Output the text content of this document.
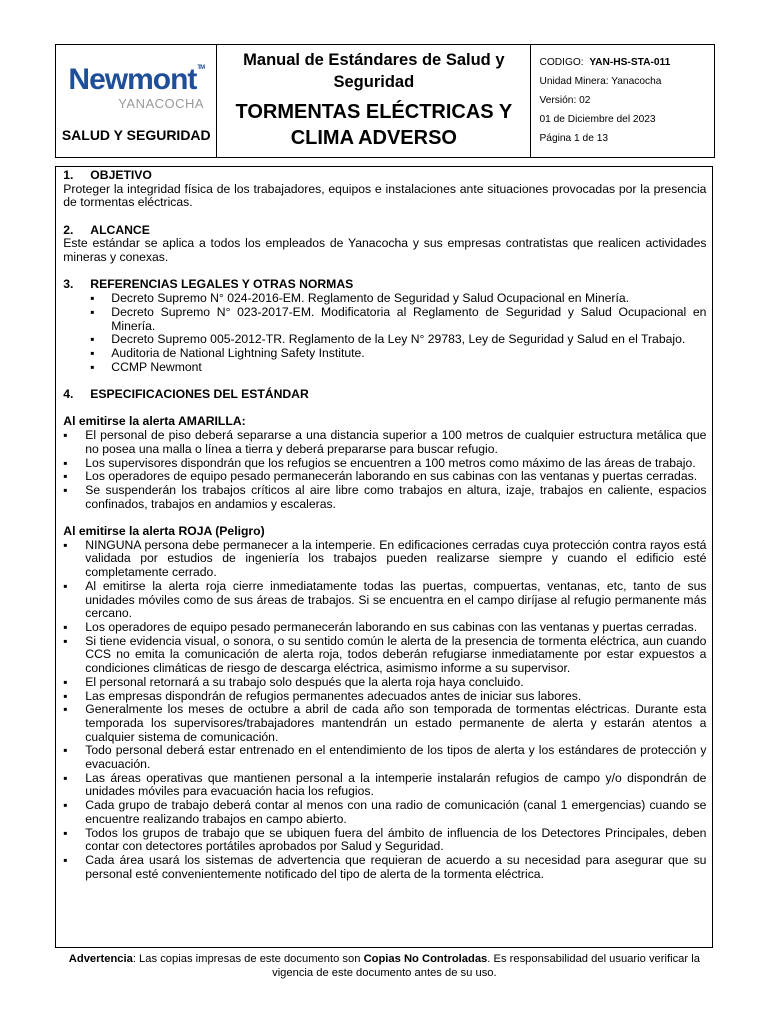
Newmont TM
YANACOCHA
SALUD Y SEGURIDAD
Manual de Estándares de Salud y Seguridad
TORMENTAS ELÉCTRICAS Y CLIMA ADVERSO
CODIGO: YAN-HS-STA-011
Unidad Minera: Yanacocha
Versión: 02
01 de Diciembre del 2023
Página 1 de 13
1.	OBJETIVO
Proteger la integridad física de los trabajadores, equipos e instalaciones ante situaciones provocadas por la presencia de tormentas eléctricas.
2.	ALCANCE
Este estándar se aplica a todos los empleados de Yanacocha y sus empresas contratistas que realicen actividades mineras y conexas.
3.	REFERENCIAS LEGALES Y OTRAS NORMAS
▪ Decreto Supremo N° 024-2016-EM. Reglamento de Seguridad y Salud Ocupacional en Minería.
▪ Decreto Supremo N° 023-2017-EM. Modificatoria al Reglamento de Seguridad y Salud Ocupacional en Minería.
▪ Decreto Supremo 005-2012-TR. Reglamento de la Ley N° 29783, Ley de Seguridad y Salud en el Trabajo.
▪ Auditoria de National Lightning Safety Institute.
▪ CCMP Newmont
4.	ESPECIFICACIONES DEL ESTÁNDAR
Al emitirse la alerta AMARILLA:
▪ El personal de piso deberá separarse a una distancia superior a 100 metros de cualquier estructura metálica que no posea una malla o línea a tierra y deberá prepararse para buscar refugio.
▪ Los supervisores dispondrán que los refugios se encuentren a 100 metros como máximo de las áreas de trabajo.
▪ Los operadores de equipo pesado permanecerán laborando en sus cabinas con las ventanas y puertas cerradas.
▪ Se suspenderán los trabajos críticos al aire libre como trabajos en altura, izaje, trabajos en caliente, espacios confinados, trabajos en andamios y escaleras.
Al emitirse la alerta ROJA (Peligro)
▪ NINGUNA persona debe permanecer a la intemperie. En edificaciones cerradas cuya protección contra rayos está validada por estudios de ingeniería los trabajos pueden realizarse siempre y cuando el edificio esté completamente cerrado.
▪ Al emitirse la alerta roja cierre inmediatamente todas las puertas, compuertas, ventanas, etc, tanto de sus unidades móviles como de sus áreas de trabajos. Si se encuentra en el campo diríjase al refugio permanente más cercano.
▪ Los operadores de equipo pesado permanecerán laborando en sus cabinas con las ventanas y puertas cerradas.
▪ Si tiene evidencia visual, o sonora, o su sentido común le alerta de la presencia de tormenta eléctrica, aun cuando CCS no emita la comunicación de alerta roja, todos deberán refugiarse inmediatamente por estar expuestos a condiciones climáticas de riesgo de descarga eléctrica, asimismo informe a su supervisor.
▪ El personal retornará a su trabajo solo después que la alerta roja haya concluido.
▪ Las empresas dispondrán de refugios permanentes adecuados antes de iniciar sus labores.
▪ Generalmente los meses de octubre a abril de cada año son temporada de tormentas eléctricas. Durante esta temporada los supervisores/trabajadores mantendrán un estado permanente de alerta y estarán atentos a cualquier sistema de comunicación.
▪ Todo personal deberá estar entrenado en el entendimiento de los tipos de alerta y los estándares de protección y evacuación.
▪ Las áreas operativas que mantienen personal a la intemperie instalarán refugios de campo y/o dispondrán de unidades móviles para evacuación hacia los refugios.
▪ Cada grupo de trabajo deberá contar al menos con una radio de comunicación (canal 1 emergencias) cuando se encuentre realizando trabajos en campo abierto.
▪ Todos los grupos de trabajo que se ubiquen fuera del ámbito de influencia de los Detectores Principales, deben contar con detectores portátiles aprobados por Salud y Seguridad.
▪ Cada área usará los sistemas de advertencia que requieran de acuerdo a su necesidad para asegurar que su personal esté convenientemente notificado del tipo de alerta de la tormenta eléctrica.
Advertencia: Las copias impresas de este documento son Copias No Controladas. Es responsabilidad del usuario verificar la vigencia de este documento antes de su uso.
